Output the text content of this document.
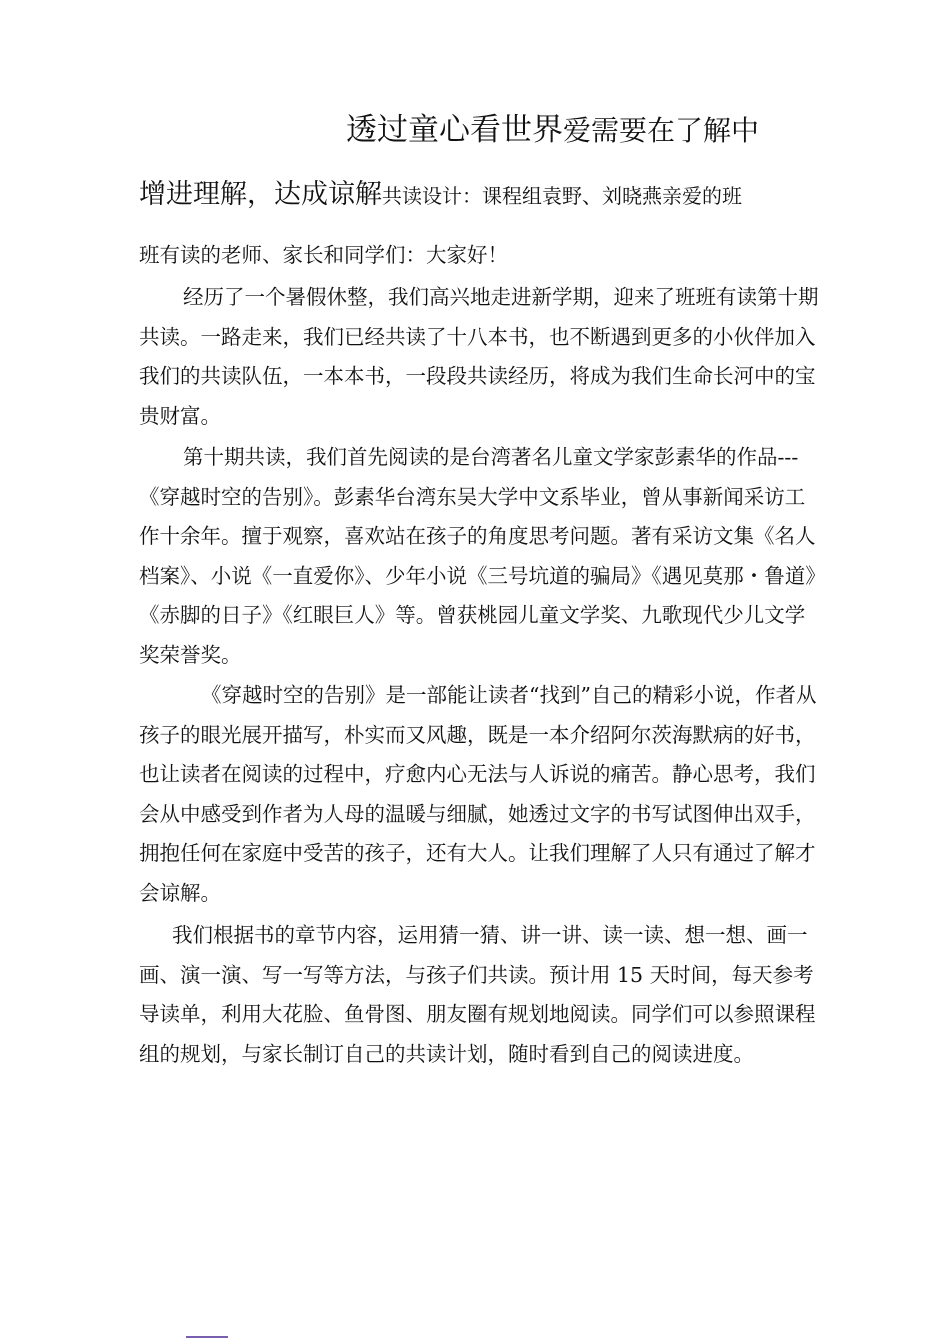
透过童心看世界爱需要在了解中
增进理解，达成谅解共读设计：课程组袁野、刘晓燕亲爱的班
班有读的老师、家长和同学们：大家好！

经历了一个暑假休整，我们高兴地走进新学期，迎来了班班有读第十期共读。一路走来，我们已经共读了十八本书，也不断遇到更多的小伙伴加入我们的共读队伍，一本本书，一段段共读经历，将成为我们生命长河中的宝贵财富。

第十期共读，我们首先阅读的是台湾著名儿童文学家彭素华的作品---《穿越时空的告别》。彭素华台湾东吴大学中文系毕业，曾从事新闻采访工作十余年。擅于观察，喜欢站在孩子的角度思考问题。著有采访文集《名人档案》、小说《一直爱你》、少年小说《三号坑道的骗局》《遇见莫那・鲁道》《赤脚的日子》《红眼巨人》等。曾获桃园儿童文学奖、九歌现代少儿文学奖荣誉奖。

《穿越时空的告别》是一部能让读者“找到”自己的精彩小说，作者从孩子的眼光展开描写，朴实而又风趣，既是一本介绍阿尔茨海默病的好书，也让读者在阅读的过程中，疗愈内心无法与人诉说的痛苦。静心思考，我们会从中感受到作者为人母的温暖与细腻，她透过文字的书写试图伸出双手，拥抱任何在家庭中受苦的孩子，还有大人。让我们理解了人只有通过了解才会谅解。

我们根据书的章节内容，运用猜一猜、讲一讲、读一读、想一想、画一画、演一演、写一写等方法，与孩子们共读。预计用 15 天时间，每天参考导读单，利用大花脸、鱼骨图、朋友圈有规划地阅读。同学们可以参照课程组的规划，与家长制订自己的共读计划，随时看到自己的阅读进度。
